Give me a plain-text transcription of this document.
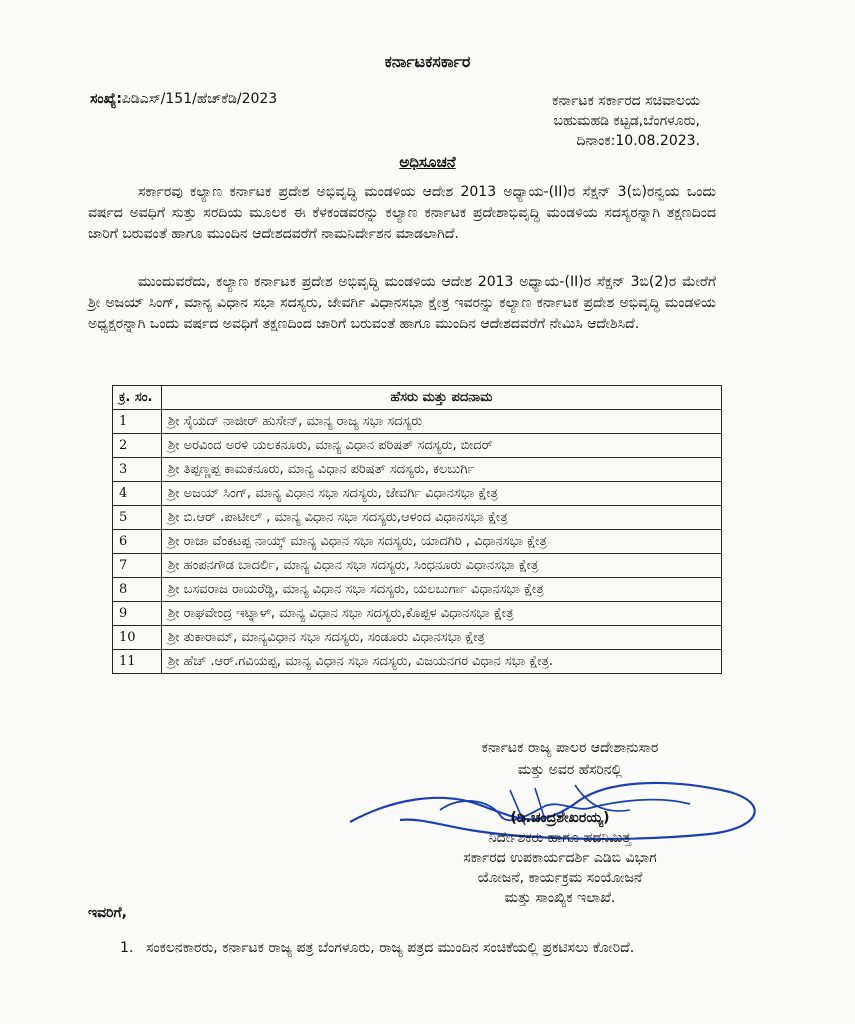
ಕರ್ನಾಟಕಸರ್ಕಾರ
ಸಂಖ್ಯೆ:ಪಿಡಿಎಸ್/151/ಹೆಚ್‌ಕೆಡಿ/2023	ಕರ್ನಾಟಕ ಸರ್ಕಾರದ ಸಚಿವಾಲಯ
ಬಹುಮಹಡಿ ಕಟ್ಟಡ,ಬೆಂಗಳೂರು,
ದಿನಾಂಕ:10.08.2023.
ಅಧಿಸೂಚನೆ
ಸರ್ಕಾರವು ಕಲ್ಯಾಣ ಕರ್ನಾಟಕ ಪ್ರದೇಶ ಅಭಿವೃದ್ಧಿ ಮಂಡಳಿಯ ಆದೇಶ 2013 ಅಧ್ಯಾಯ-(II)ರ ಸೆಕ್ಷನ್ 3(ಬಿ)ರನ್ವಯ ಒಂದು ವರ್ಷದ ಅವಧಿಗೆ ಸುತ್ತು ಸರದಿಯ ಮೂಲಕ ಈ ಕೆಳಕಂಡವರನ್ನು ಕಲ್ಯಾಣ ಕರ್ನಾಟಕ ಪ್ರದೇಶಾಭಿವೃದ್ಧಿ ಮಂಡಳಿಯ ಸದಸ್ಯರನ್ನಾಗಿ ತಕ್ಷಣದಿಂದ ಜಾರಿಗೆ ಬರುವಂತೆ ಹಾಗೂ ಮುಂದಿನ ಆದೇಶದವರೆಗೆ ನಾಮನಿರ್ದೇಶನ ಮಾಡಲಾಗಿದೆ.
ಮುಂದುವರೆದು, ಕಲ್ಯಾಣ ಕರ್ನಾಟಕ ಪ್ರದೇಶ ಅಭಿವೃದ್ಧಿ ಮಂಡಳಿಯ ಆದೇಶ 2013 ಅಧ್ಯಾಯ-(II)ರ ಸೆಕ್ಷನ್ 3ಬಿ(2)ರ ಮೇರೆಗೆ ಶ್ರೀ ಅಜಯ್ ಸಿಂಗ್, ಮಾನ್ಯ ವಿಧಾನ ಸಭಾ ಸದಸ್ಯರು, ಜೇವರ್ಗಿ ವಿಧಾನಸಭಾ ಕ್ಷೇತ್ರ ಇವರನ್ನು ಕಲ್ಯಾಣ ಕರ್ನಾಟಕ ಪ್ರದೇಶ ಅಭಿವೃದ್ಧಿ ಮಂಡಳಿಯ ಅಧ್ಯಕ್ಷರನ್ನಾಗಿ ಒಂದು ವರ್ಷದ ಅವಧಿಗೆ ತಕ್ಷಣದಿಂದ ಜಾರಿಗೆ ಬರುವಂತೆ ಹಾಗೂ ಮುಂದಿನ ಆದೇಶದವರೆಗೆ ನೇಮಿಸಿ ಆದೇಶಿಸಿದೆ.
ಕ್ರ. ಸಂ.	ಹೆಸರು ಮತ್ತು ಪದನಾಮ
1	ಶ್ರೀ ಸೈಯದ್ ನಾಜೀರ್ ಹುಸೇನ್, ಮಾನ್ಯ ರಾಜ್ಯ ಸಭಾ ಸದಸ್ಯರು
2	ಶ್ರೀ ಅರವಿಂದ ಅರಳಿ ಯಲಕನೂರು, ಮಾನ್ಯ ವಿಧಾನ ಪರಿಷತ್ ಸದಸ್ಯರು, ಬೀದರ್
3	ಶ್ರೀ ತಿಪ್ಪಣ್ಣಪ್ಪ ಕಾಮಕನೂರು, ಮಾನ್ಯ ವಿಧಾನ ಪರಿಷತ್ ಸದಸ್ಯರು, ಕಲಬುರ್ಗಿ
4	ಶ್ರೀ ಅಜಯ್ ಸಿಂಗ್, ಮಾನ್ಯ ವಿಧಾನ ಸಭಾ ಸದಸ್ಯರು, ಜೇವರ್ಗಿ ವಿಧಾನಸಭಾ ಕ್ಷೇತ್ರ
5	ಶ್ರೀ ಬಿ.ಆರ್ .ಪಾಟೀಲ್ , ಮಾನ್ಯ ವಿಧಾನ ಸಭಾ ಸದಸ್ಯರು,ಆಳಂದ ವಿಧಾನಸಭಾ ಕ್ಷೇತ್ರ
6	ಶ್ರೀ ರಾಜಾ ವೆಂಕಟಪ್ಪ ನಾಯ್ಕ್ ಮಾನ್ಯ ವಿಧಾನ ಸಭಾ ಸದಸ್ಯರು, ಯಾದಗಿರಿ , ವಿಧಾನಸಭಾ ಕ್ಷೇತ್ರ
7	ಶ್ರೀ ಹಂಪನಗೌಡ ಬಾದರ್ಲಿ, ಮಾನ್ಯ ವಿಧಾನ ಸಭಾ ಸದಸ್ಯರು, ಸಿಂಧನೂರು ವಿಧಾನಸಭಾ ಕ್ಷೇತ್ರ
8	ಶ್ರೀ ಬಸವರಾಜ ರಾಯರೆಡ್ಡಿ, ಮಾನ್ಯ ವಿಧಾನ ಸಭಾ ಸದಸ್ಯರು, ಯಲಬುರ್ಗಾ ವಿಧಾನಸಭಾ ಕ್ಷೇತ್ರ
9	ಶ್ರೀ ರಾಘವೇಂದ್ರ ಇಟ್ನಾಳ್, ಮಾನ್ಯ ವಿಧಾನ ಸಭಾ ಸದಸ್ಯರು,ಕೊಪ್ಪಳ ವಿಧಾನಸಭಾ ಕ್ಷೇತ್ರ
10	ಶ್ರೀ ತುಕಾರಾಮ್, ಮಾನ್ಯವಿಧಾನ ಸಭಾ ಸದಸ್ಯರು, ಸಂಡೂರು ವಿಧಾನಸಭಾ ಕ್ಷೇತ್ರ
11	ಶ್ರೀ ಹೆಚ್ .ಆರ್.ಗವಿಯಪ್ಪ, ಮಾನ್ಯ ವಿಧಾನ ಸಭಾ ಸದಸ್ಯರು, ವಿಜಯನಗರ ವಿಧಾನ ಸಭಾ ಕ್ಷೇತ್ರ.
ಕರ್ನಾಟಕ ರಾಜ್ಯ ಪಾಲರ ಆದೇಶಾನುಸಾರ
ಮತ್ತು ಅವರ ಹೆಸರಿನಲ್ಲಿ
(ಡಿ.ಚಂದ್ರಶೇಖರಯ್ಯ)
ನಿರ್ದೇಶಕರು ಹಾಗೂ ಪದನಿಮಿತ್ತ
ಸರ್ಕಾರದ ಉಪಕಾರ್ಯದರ್ಶಿ ಎಡಿಬಿ ವಿಭಾಗ
ಯೋಜನೆ, ಕಾರ್ಯಕ್ರಮ ಸಂಯೋಜನೆ
ಮತ್ತು ಸಾಂಖ್ಯಿಕ ಇಲಾಖೆ.
ಇವರಿಗೆ,
1. ಸಂಕಲನಕಾರರು, ಕರ್ನಾಟಕ ರಾಜ್ಯ ಪತ್ರ ಬೆಂಗಳೂರು, ರಾಜ್ಯ ಪತ್ರದ ಮುಂದಿನ ಸಂಚಿಕೆಯಲ್ಲಿ ಪ್ರಕಟಿಸಲು ಕೋರಿದೆ.
